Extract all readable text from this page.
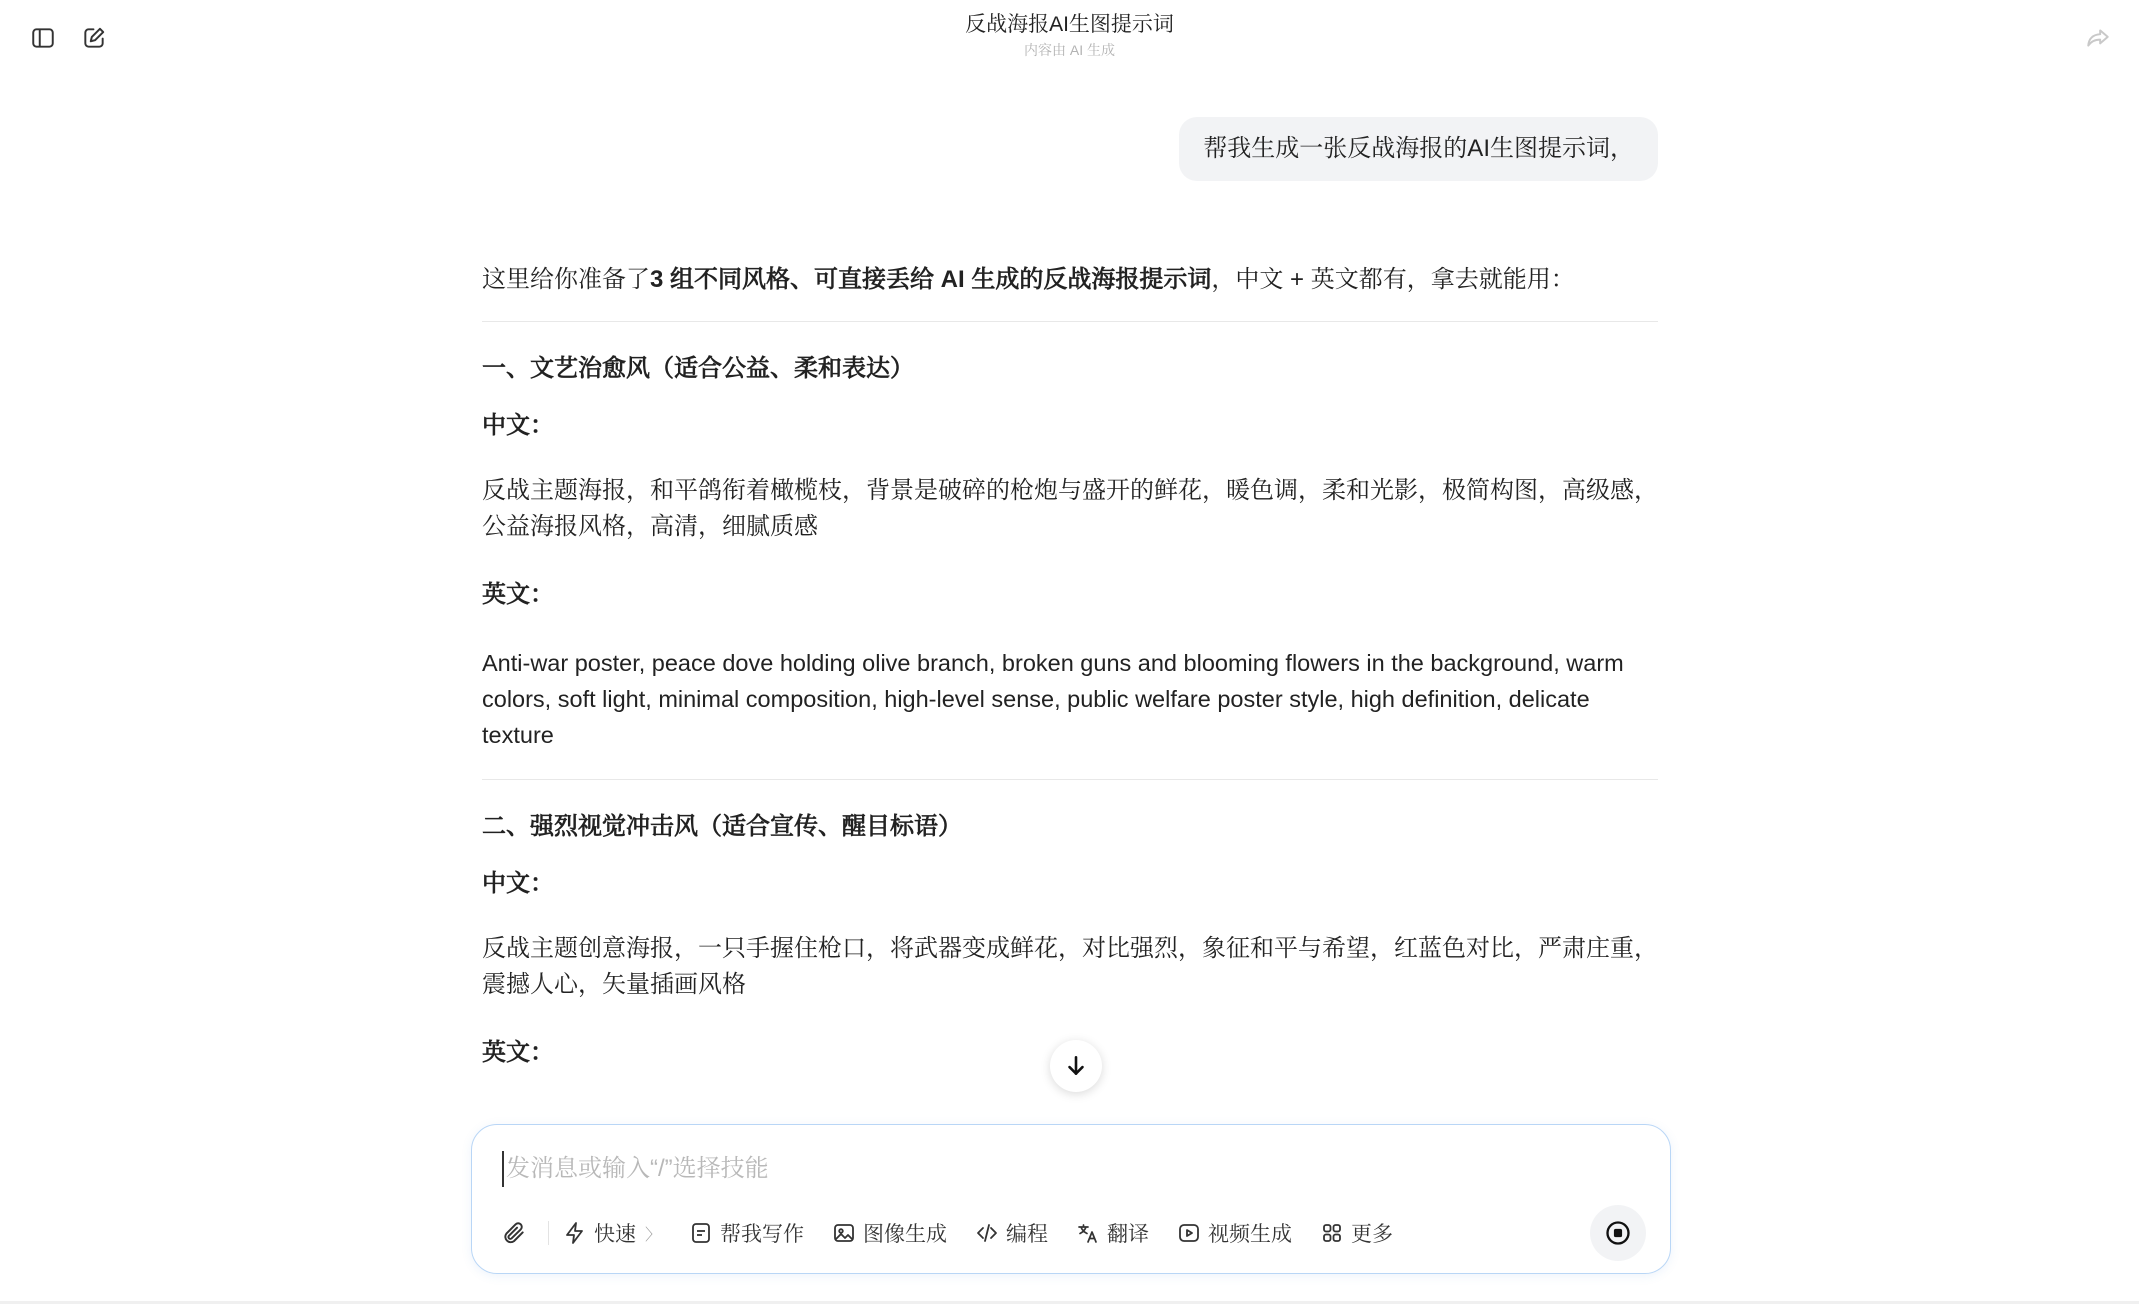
反战海报AI生图提示词
内容由 AI 生成
帮我生成一张反战海报的AI生图提示词，

这里给你准备了3 组不同风格、可直接丢给 AI 生成的反战海报提示词，中文 + 英文都有，拿去就能用：

一、文艺治愈风（适合公益、柔和表达）
中文：
反战主题海报，和平鸽衔着橄榄枝，背景是破碎的枪炮与盛开的鲜花，暖色调，柔和光影，极简构图，高级感，公益海报风格，高清，细腻质感
英文：
Anti-war poster, peace dove holding olive branch, broken guns and blooming flowers in the background, warm colors, soft light, minimal composition, high-level sense, public welfare poster style, high definition, delicate texture
二、强烈视觉冲击风（适合宣传、醒目标语）
中文：
反战主题创意海报，一只手握住枪口，将武器变成鲜花，对比强烈，象征和平与希望，红蓝色对比，严肃庄重，震撼人心，矢量插画风格
英文：
发消息或输入“/”选择技能
快速 〉	帮我写作	图像生成	编程	翻译	视频生成	更多
